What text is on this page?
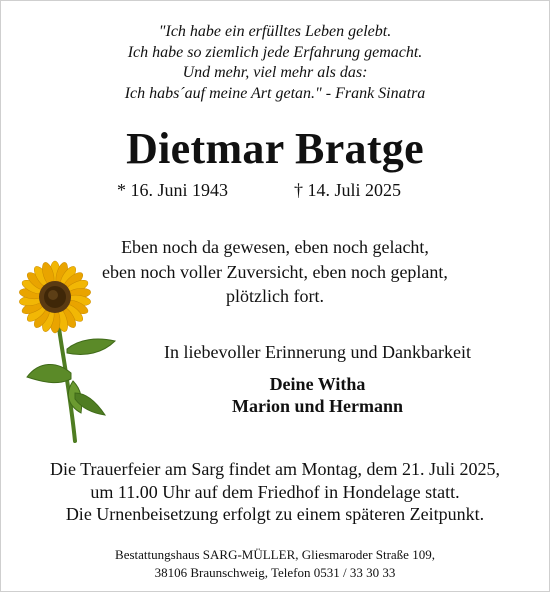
"Ich habe ein erfülltes Leben gelebt.
Ich habe so ziemlich jede Erfahrung gemacht.
Und mehr, viel mehr als das:
Ich habs´auf meine Art getan." - Frank Sinatra
Dietmar Bratge
* 16. Juni 1943	† 14. Juli 2025
Eben noch da gewesen, eben noch gelacht,
eben noch voller Zuversicht, eben noch geplant,
plötzlich fort.
In liebevoller Erinnerung und Dankbarkeit
Deine Witha
Marion und Hermann
Die Trauerfeier am Sarg findet am Montag, dem 21. Juli 2025,
um 11.00 Uhr auf dem Friedhof in Hondelage statt.
Die Urnenbeisetzung erfolgt zu einem späteren Zeitpunkt.
Bestattungshaus SARG-MÜLLER, Gliesmaroder Straße 109,
38106 Braunschweig, Telefon 0531 / 33 30 33
